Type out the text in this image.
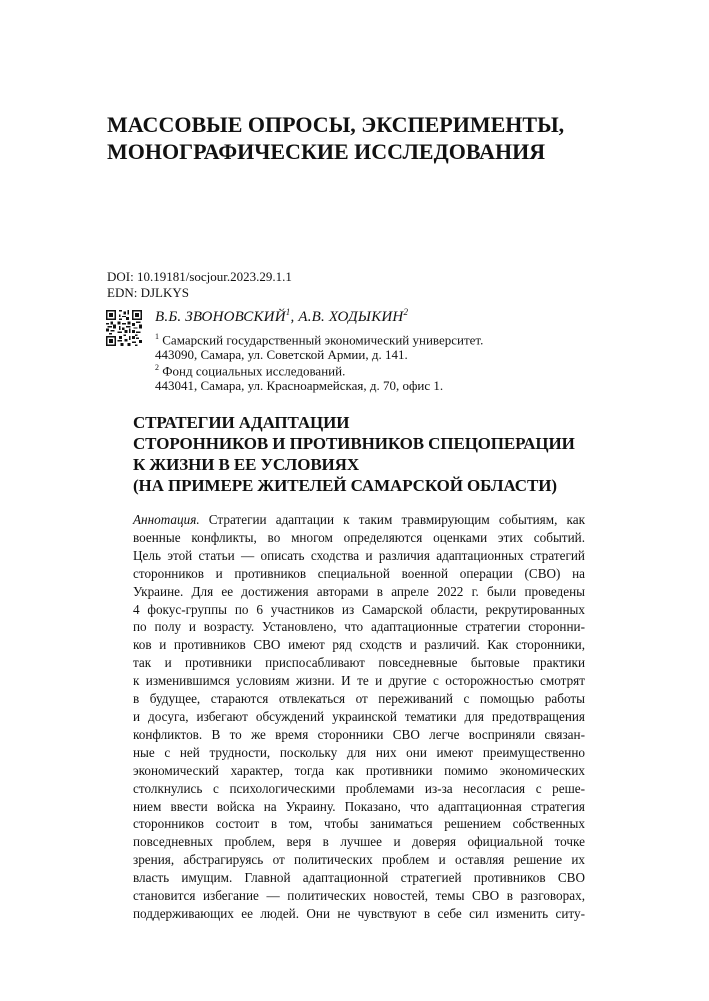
МАССОВЫЕ ОПРОСЫ, ЭКСПЕРИМЕНТЫ,
МОНОГРАФИЧЕСКИЕ ИССЛЕДОВАНИЯ
DOI: 10.19181/socjour.2023.29.1.1
EDN: DJLKYS
В.Б. ЗВОНОВСКИЙ$^1$, А.В. ХОДЫКИН$^2$
$^1$ Самарский государственный экономический университет.
443090, Самара, ул. Советской Армии, д. 141.
$^2$ Фонд социальных исследований.
443041, Самара, ул. Красноармейская, д. 70, офис 1.
СТРАТЕГИИ АДАПТАЦИИ
СТОРОННИКОВ И ПРОТИВНИКОВ СПЕЦОПЕРАЦИИ
К ЖИЗНИ В ЕЕ УСЛОВИЯХ
(НА ПРИМЕРЕ ЖИТЕЛЕЙ САМАРСКОЙ ОБЛАСТИ)
Аннотация. Стратегии адаптации к таким травмирующим событиям, как
военные конфликты, во многом определяются оценками этих событий.
Цель этой статьи — описать сходства и различия адаптационных стратегий
сторонников и противников специальной военной операции (СВО) на
Украине. Для ее достижения авторами в апреле 2022 г. были проведены
4 фокус-группы по 6 участников из Самарской области, рекрутированных
по полу и возрасту. Установлено, что адаптационные стратегии сторонни-
ков и противников СВО имеют ряд сходств и различий. Как сторонники,
так и противники приспосабливают повседневные бытовые практики
к изменившимся условиям жизни. И те и другие с осторожностью смотрят
в будущее, стараются отвлекаться от переживаний с помощью работы
и досуга, избегают обсуждений украинской тематики для предотвращения
конфликтов. В то же время сторонники СВО легче восприняли связан-
ные с ней трудности, поскольку для них они имеют преимущественно
экономический характер, тогда как противники помимо экономических
столкнулись с психологическими проблемами из-за несогласия с реше-
нием ввести войска на Украину. Показано, что адаптационная стратегия
сторонников состоит в том, чтобы заниматься решением собственных
повседневных проблем, веря в лучшее и доверяя официальной точке
зрения, абстрагируясь от политических проблем и оставляя решение их
власть имущим. Главной адаптационной стратегией противников СВО
становится избегание — политических новостей, темы СВО в разговорах,
поддерживающих ее людей. Они не чувствуют в себе сил изменить ситу-
